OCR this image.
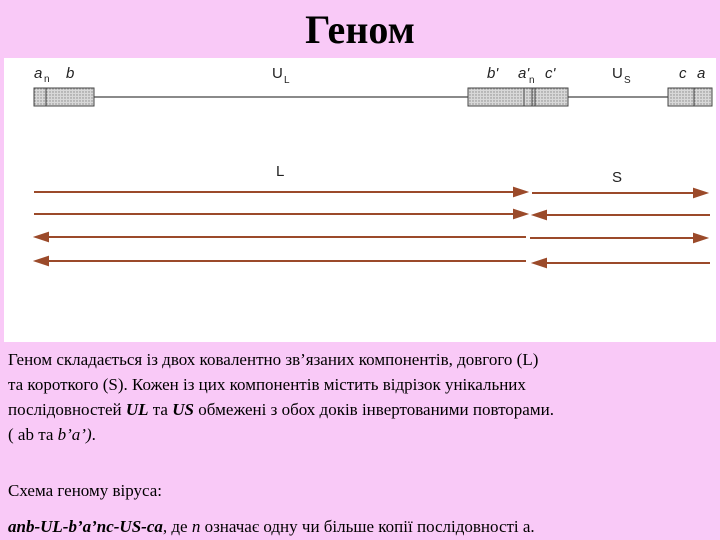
Геном
a n b	U L	b' a' n c'	U S	c a
L	S
Геном складається із двох ковалентно зв’язаних компонентів, довгого (L)
та короткого (S). Кожен із цих компонентів містить відрізок унікальних
послідовностей UL та US обмежені з обох доків інвертованими повторами.
( ab та b’a’).
Схема геному віруса:
anb-UL-b’a’nc-US-ca, де n означає одну чи більше копії послідовності a.
